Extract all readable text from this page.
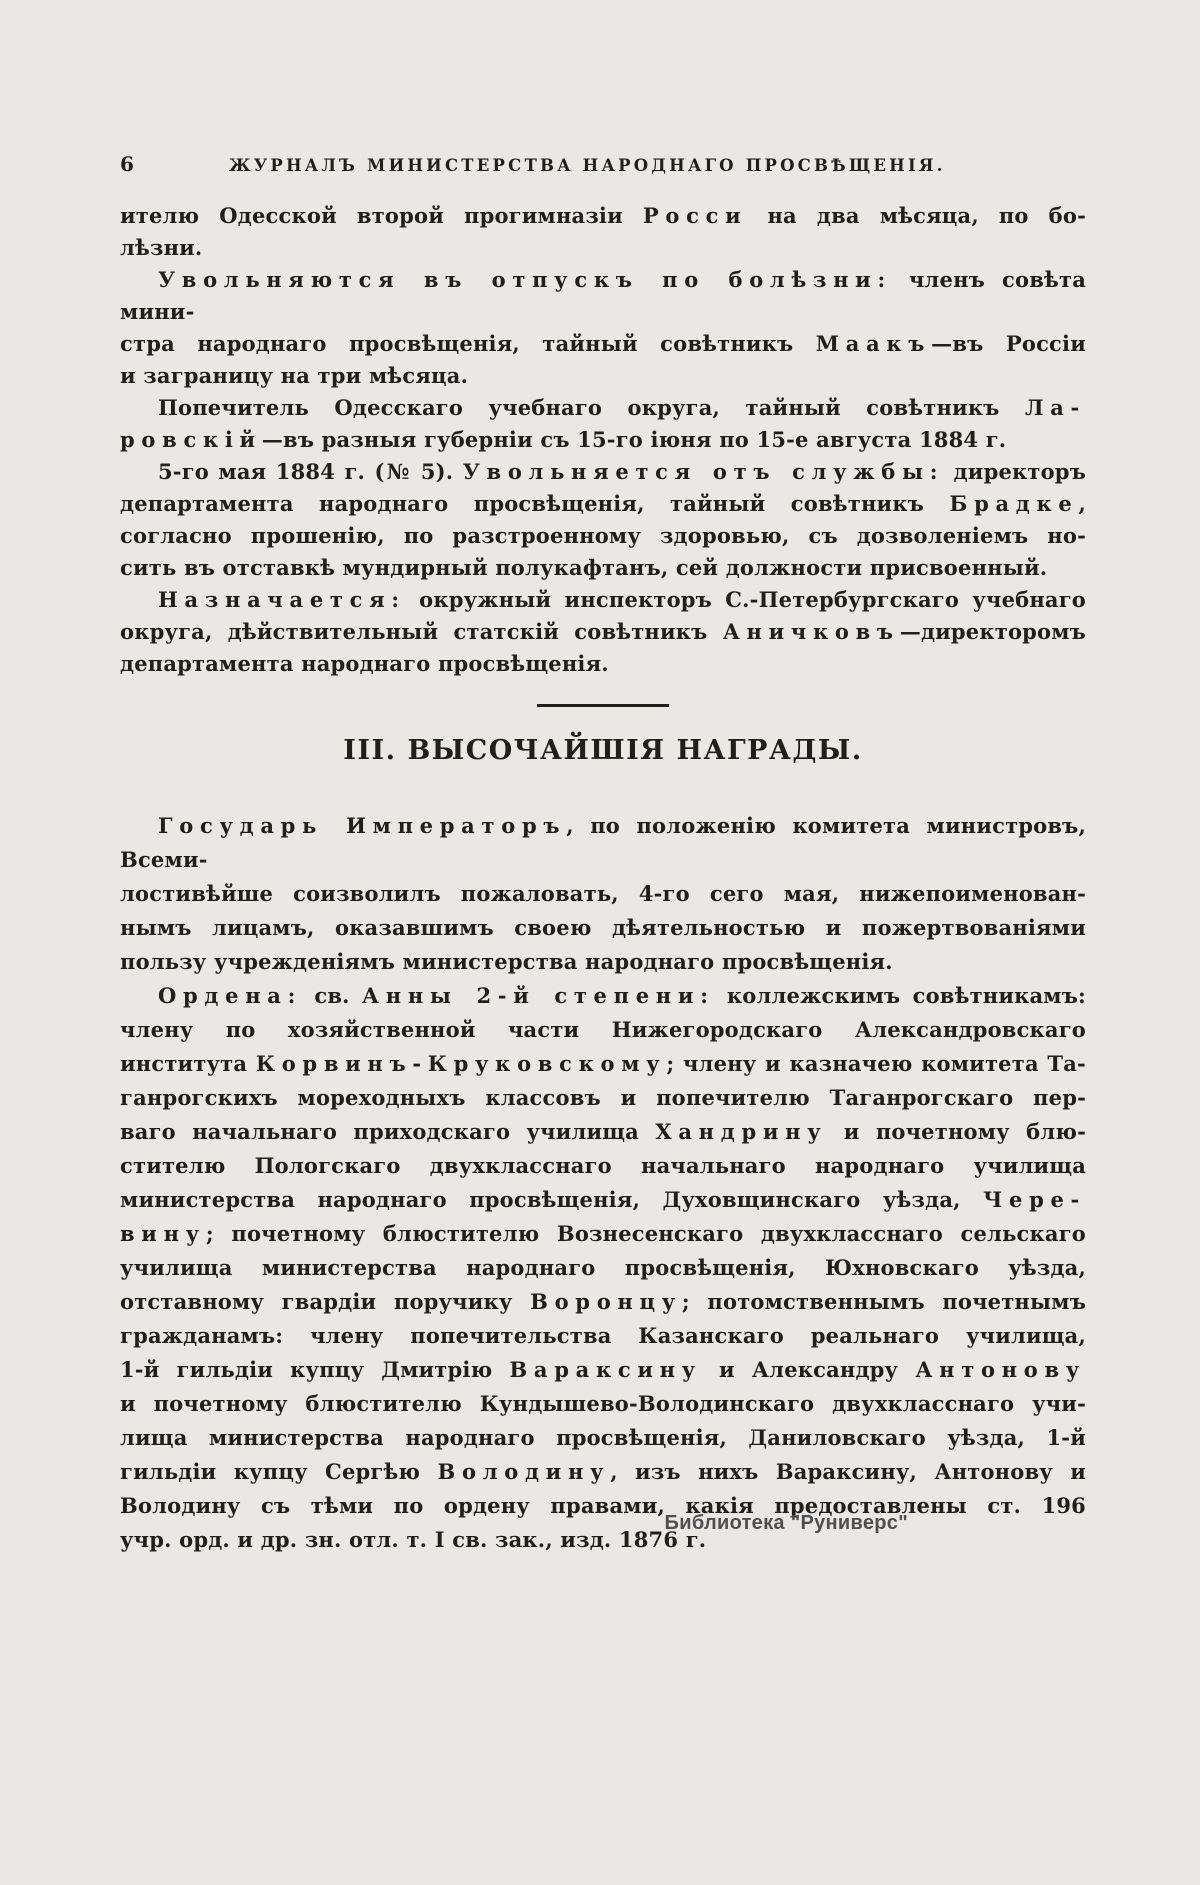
6	ЖУРНАЛЪ МИНИСТЕРСТВА НАРОДНАГО ПРОСВѢЩЕНІЯ.
ителю Одесской второй прогимназіи Росси на два мѣсяца, по бо-
лѣзни.
Увольняются въ отпускъ по болѣзни: членъ совѣта мини-
стра народнаго просвѣщенія, тайный совѣтникъ Маакъ—въ Россіи
и заграницу на три мѣсяца.
Попечитель Одесскаго учебнаго округа, тайный совѣтникъ Ла-
ровскій—въ разныя губерніи съ 15-го іюня по 15-е августа 1884 г.
5-го мая 1884 г. (№ 5). Увольняется отъ службы: директоръ
департамента народнаго просвѣщенія, тайный совѣтникъ Брадке,
согласно прошенію, по разстроенному здоровью, съ дозволеніемъ но-
сить въ отставкѣ мундирный полукафтанъ, сей должности присвоенный.
Назначается: окружный инспекторъ С.-Петербургскаго учебнаго
округа, дѣйствительный статскій совѣтникъ Аничковъ—директоромъ
департамента народнаго просвѣщенія.
III. ВЫСОЧАЙШІЯ НАГРАДЫ.
Государь Императоръ, по положенію комитета министровъ, Всеми-
лостивѣйше соизволилъ пожаловать, 4-го сего мая, нижепоименован-
нымъ лицамъ, оказавшимъ своею дѣятельностью и пожертвованіями
пользу учрежденіямъ министерства народнаго просвѣщенія.
Ордена: св. Анны 2-й степени: коллежскимъ совѣтникамъ:
члену по хозяйственной части Нижегородскаго Александровскаго
института Корвинъ-Круковскому; члену и казначею комитета Та-
ганрогскихъ мореходныхъ классовъ и попечителю Таганрогскаго пер-
ваго начальнаго приходскаго училища Хандрину и почетному блю-
стителю Пологскаго двухкласснаго начальнаго народнаго училища
министерства народнаго просвѣщенія, Духовщинскаго уѣзда, Чере-
вину; почетному блюстителю Вознесенскаго двухкласснаго сельскаго
училища министерства народнаго просвѣщенія, Юхновскаго уѣзда,
отставному гвардіи поручику Воронцу; потомственнымъ почетнымъ
гражданамъ: члену попечительства Казанскаго реальнаго училища,
1-й гильдіи купцу Дмитрію Вараксину и Александру Антонову
и почетному блюстителю Кундышево-Володинскаго двухкласснаго учи-
лища министерства народнаго просвѣщенія, Даниловскаго уѣзда, 1-й
гильдіи купцу Сергѣю Володину, изъ нихъ Вараксину, Антонову и
Володину съ тѣми по ордену правами, какія предоставлены ст. 196
учр. орд. и др. зн. отл. т. I св. зак., изд. 1876 г.
Библиотека "Руниверс"
